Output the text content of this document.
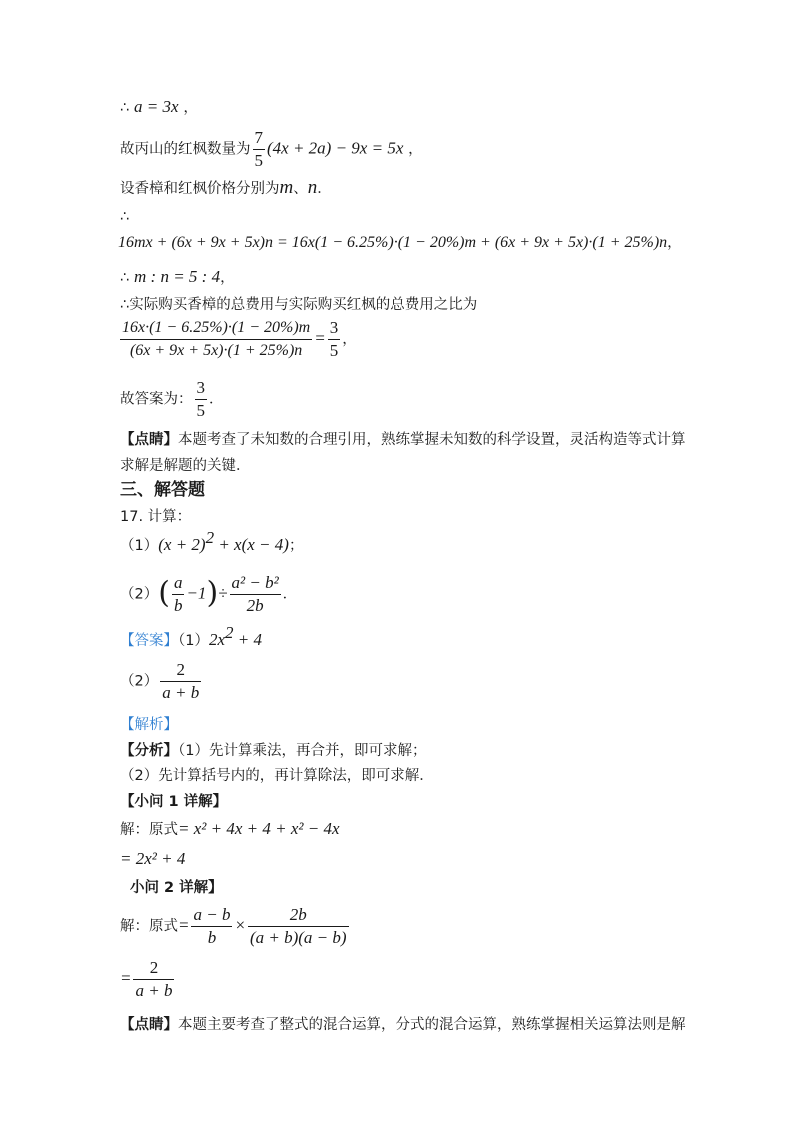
∴ a = 3x ，
故丙山的红枫数量为 $\frac{7}{5} (4x + 2a) - 9x = 5x$ ，
设香樟和红枫价格分别为m、n．
∴
16mx + (6x + 9x + 5x)n = 16x(1 − 6.25%)·(1 − 20%)m + (6x + 9x + 5x)·(1 + 25%)n，
∴ m : n = 5 : 4，
∴实际购买香樟的总费用与实际购买红枫的总费用之比为
$\frac{16x\cdot(1 - 6.25\%)\cdot(1 - 20\%)m}{(6x + 9x + 5x)\cdot(1 + 25\%)n} = \frac{3}{5}$ ，
故答案为： $\frac{3}{5}$ ．
【点睛】本题考查了未知数的合理引用，熟练掌握未知数的科学设置，灵活构造等式计算
求解是解题的关键．
三、解答题
17. 计算：
$(1)(x + 2)^2 + x(x - 4)$；
$(2)( \frac{a}{b} -1)\div \frac{\text{a² − b²}}{2b}$ ．
【答案】$(1)2x^2 + 4$
$(2) \frac{2}{a + b}$
【解析】
【分析】（1）先计算乘法，再合并，即可求解；
（2）先计算括号内的，再计算除法，即可求解．
【小问 1 详解】
解：原式= x² + 4x + 4 + x² − 4x
= 2x² + 4
小问 2 详解】
解：原式= $\frac{a - b}{b} \times \frac{2b}{(a + b)(a - b)}$
= $\frac{2}{a + b}$
【点睛】本题主要考查了整式的混合运算，分式的混合运算，熟练掌握相关运算法则是解
